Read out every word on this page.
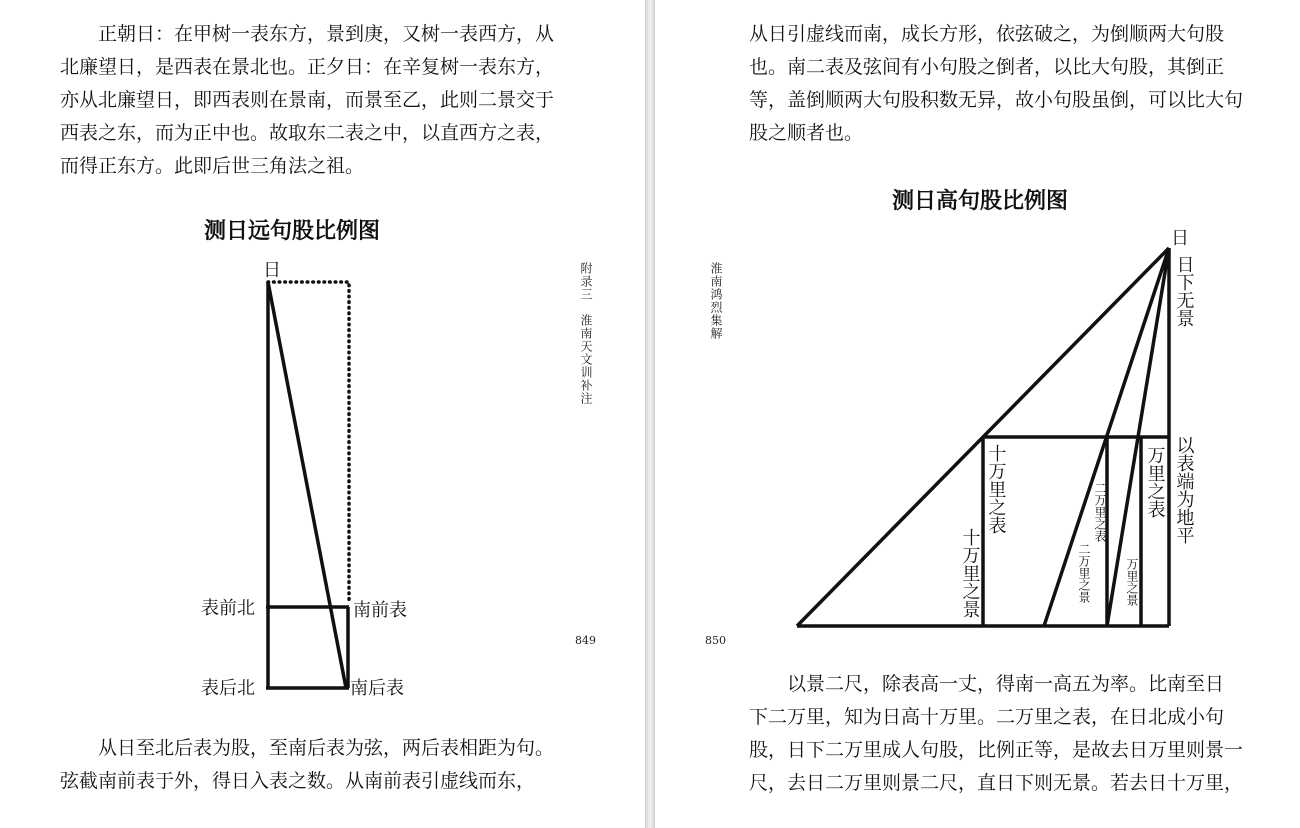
　　正朝日：在甲树一表东方，景到庚，又树一表西方，从
北廉望日，是西表在景北也。正夕日：在辛复树一表东方，
亦从北廉望日，即西表则在景南，而景至乙，此则二景交于
西表之东，而为正中也。故取东二表之中，以直西方之表，
而得正东方。此即后世三角法之祖。

测日远句股比例图
日
表前北	南前表
表后北	南后表

　　从日至北后表为股，至南后表为弦，两后表相距为句。
弦截南前表于外，得日入表之数。从南前表引虚线而东，

附录三　淮南天文训补注
849

从日引虚线而南，成长方形，依弦破之，为倒顺两大句股
也。南二表及弦间有小句股之倒者，以比大句股，其倒正
等，盖倒顺两大句股积数无异，故小句股虽倒，可以比大句
股之顺者也。

测日高句股比例图
日
日下无景
以表端为地平
十万里之表
十万里之景
二万里之表
二万里之景
万里之表
万里之景

　　以景二尺，除表高一丈，得南一高五为率。比南至日
下二万里，知为日高十万里。二万里之表，在日北成小句
股，日下二万里成人句股，比例正等，是故去日万里则景一
尺，去日二万里则景二尺，直日下则无景。若去日十万里，

淮南鸿烈集解
850
